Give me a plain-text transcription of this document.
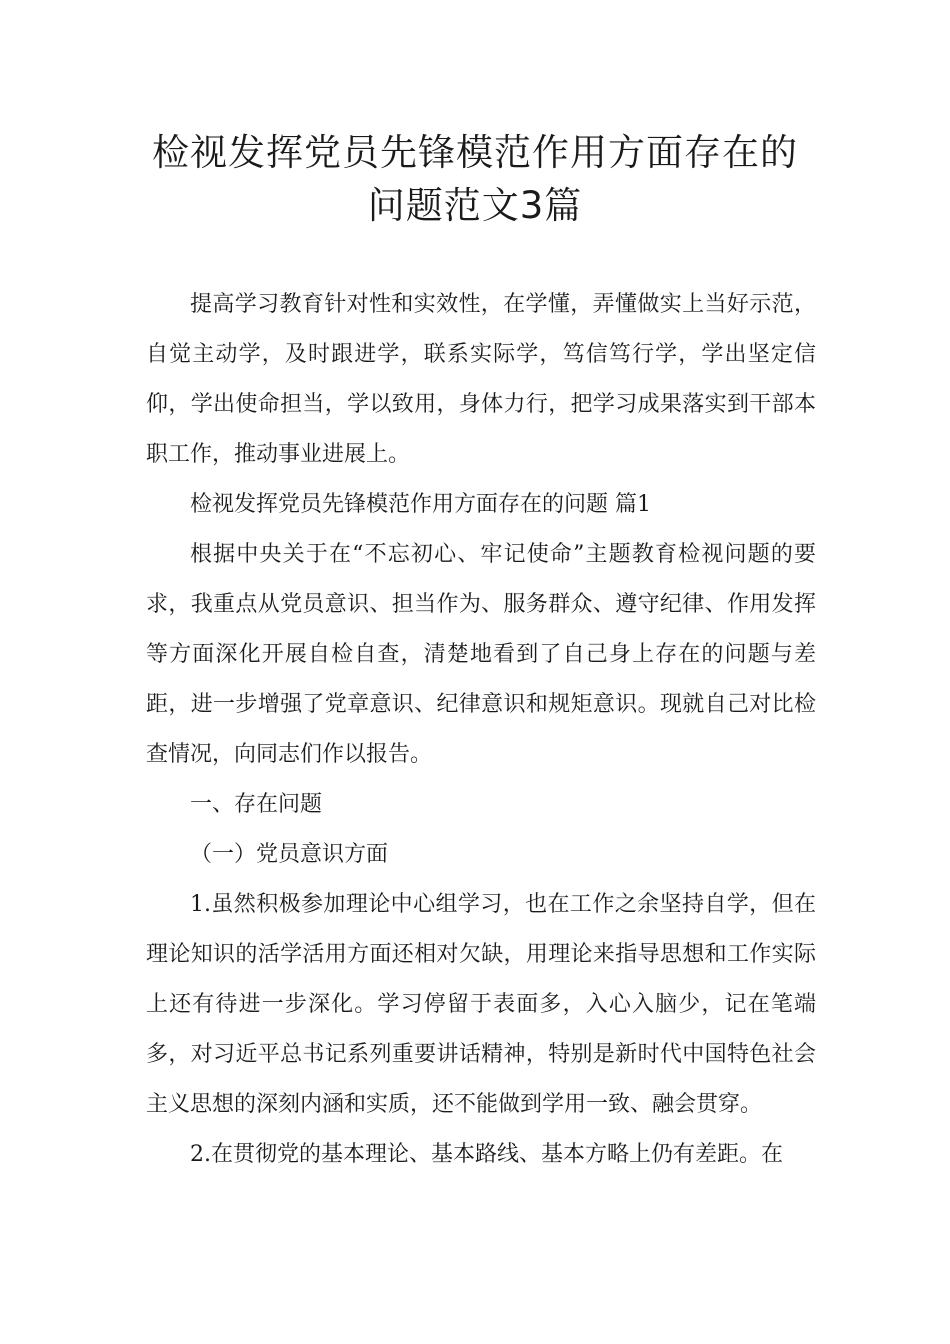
检视发挥党员先锋模范作用方面存在的
问题范文3篇

提高学习教育针对性和实效性，在学懂，弄懂做实上当好示范，自觉主动学，及时跟进学，联系实际学，笃信笃行学，学出坚定信仰，学出使命担当，学以致用，身体力行，把学习成果落实到干部本职工作，推动事业进展上。

检视发挥党员先锋模范作用方面存在的问题 篇1

根据中央关于在“不忘初心、牢记使命”主题教育检视问题的要求，我重点从党员意识、担当作为、服务群众、遵守纪律、作用发挥等方面深化开展自检自查，清楚地看到了自己身上存在的问题与差距，进一步增强了党章意识、纪律意识和规矩意识。现就自己对比检查情况，向同志们作以报告。

一、存在问题

（一）党员意识方面

1.虽然积极参加理论中心组学习，也在工作之余坚持自学，但在理论知识的活学活用方面还相对欠缺，用理论来指导思想和工作实际上还有待进一步深化。学习停留于表面多，入心入脑少，记在笔端多，对习近平总书记系列重要讲话精神，特别是新时代中国特色社会主义思想的深刻内涵和实质，还不能做到学用一致、融会贯穿。

2.在贯彻党的基本理论、基本路线、基本方略上仍有差距。在
